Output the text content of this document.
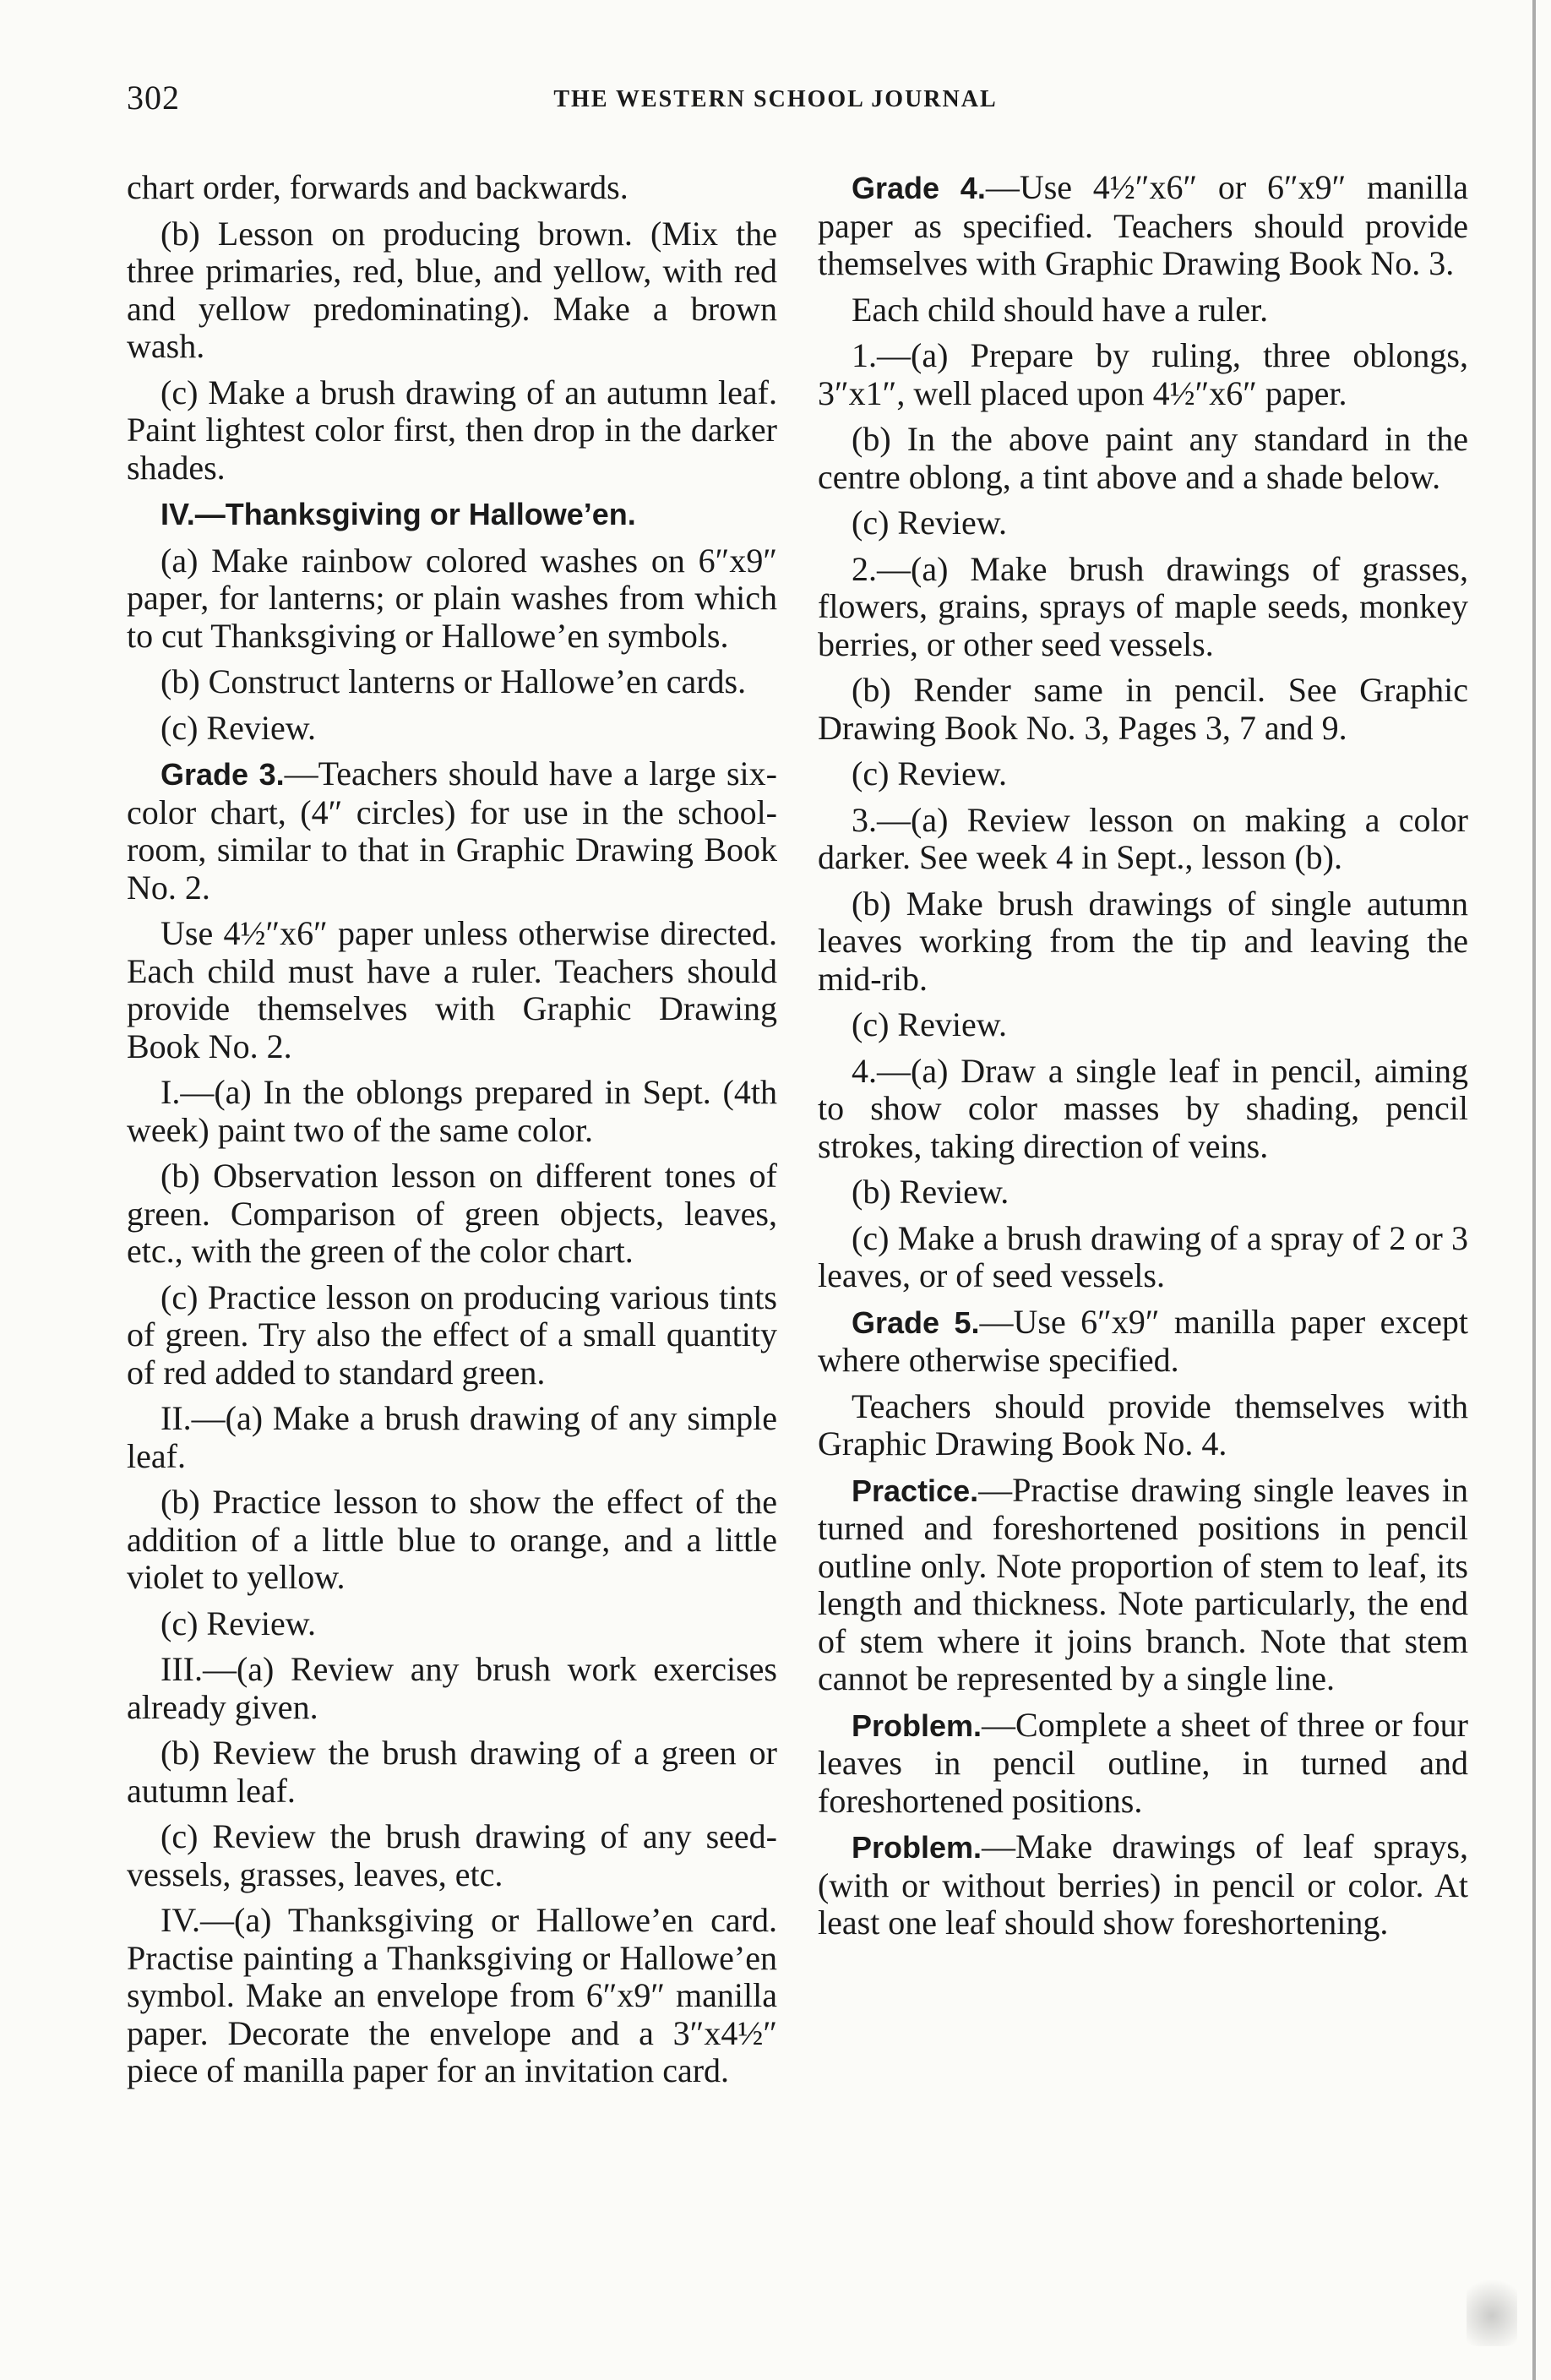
302	THE WESTERN SCHOOL JOURNAL

chart order, forwards and backwards.

(b) Lesson on producing brown. (Mix the three primaries, red, blue, and yellow, with red and yellow predominating). Make a brown wash.

(c) Make a brush drawing of an autumn leaf. Paint lightest color first, then drop in the darker shades.

IV.—Thanksgiving or Hallowe’en.

(a) Make rainbow colored washes on 6″x9″ paper, for lanterns; or plain washes from which to cut Thanksgiving or Hallowe’en symbols.

(b) Construct lanterns or Hallowe’en cards.

(c) Review.

Grade 3.—Teachers should have a large six-color chart, (4″ circles) for use in the school-room, similar to that in Graphic Drawing Book No. 2.

Use 4½″x6″ paper unless otherwise directed. Each child must have a ruler. Teachers should provide themselves with Graphic Drawing Book No. 2.

I.—(a) In the oblongs prepared in Sept. (4th week) paint two of the same color.

(b) Observation lesson on different tones of green. Comparison of green objects, leaves, etc., with the green of the color chart.

(c) Practice lesson on producing various tints of green. Try also the effect of a small quantity of red added to standard green.

II.—(a) Make a brush drawing of any simple leaf.

(b) Practice lesson to show the effect of the addition of a little blue to orange, and a little violet to yellow.

(c) Review.

III.—(a) Review any brush work exercises already given.

(b) Review the brush drawing of a green or autumn leaf.

(c) Review the brush drawing of any seed-vessels, grasses, leaves, etc.

IV.—(a) Thanksgiving or Hallowe’en card. Practise painting a Thanksgiving or Hallowe’en symbol. Make an envelope from 6″x9″ manilla paper. Decorate the envelope and a 3″x4½″ piece of manilla paper for an invitation card.

Grade 4.—Use 4½″x6″ or 6″x9″ manilla paper as specified. Teachers should provide themselves with Graphic Drawing Book No. 3.

Each child should have a ruler.

1.—(a) Prepare by ruling, three oblongs, 3″x1″, well placed upon 4½″x6″ paper.

(b) In the above paint any standard in the centre oblong, a tint above and a shade below.

(c) Review.

2.—(a) Make brush drawings of grasses, flowers, grains, sprays of maple seeds, monkey berries, or other seed vessels.

(b) Render same in pencil. See Graphic Drawing Book No. 3, Pages 3, 7 and 9.

(c) Review.

3.—(a) Review lesson on making a color darker. See week 4 in Sept., lesson (b).

(b) Make brush drawings of single autumn leaves working from the tip and leaving the mid-rib.

(c) Review.

4.—(a) Draw a single leaf in pencil, aiming to show color masses by shading, pencil strokes, taking direction of veins.

(b) Review.

(c) Make a brush drawing of a spray of 2 or 3 leaves, or of seed vessels.

Grade 5.—Use 6″x9″ manilla paper except where otherwise specified.

Teachers should provide themselves with Graphic Drawing Book No. 4.

Practice.—Practise drawing single leaves in turned and foreshortened positions in pencil outline only. Note proportion of stem to leaf, its length and thickness. Note particularly, the end of stem where it joins branch. Note that stem cannot be represented by a single line.

Problem.—Complete a sheet of three or four leaves in pencil outline, in turned and foreshortened positions.

Problem.—Make drawings of leaf sprays, (with or without berries) in pencil or color. At least one leaf should show foreshortening.
